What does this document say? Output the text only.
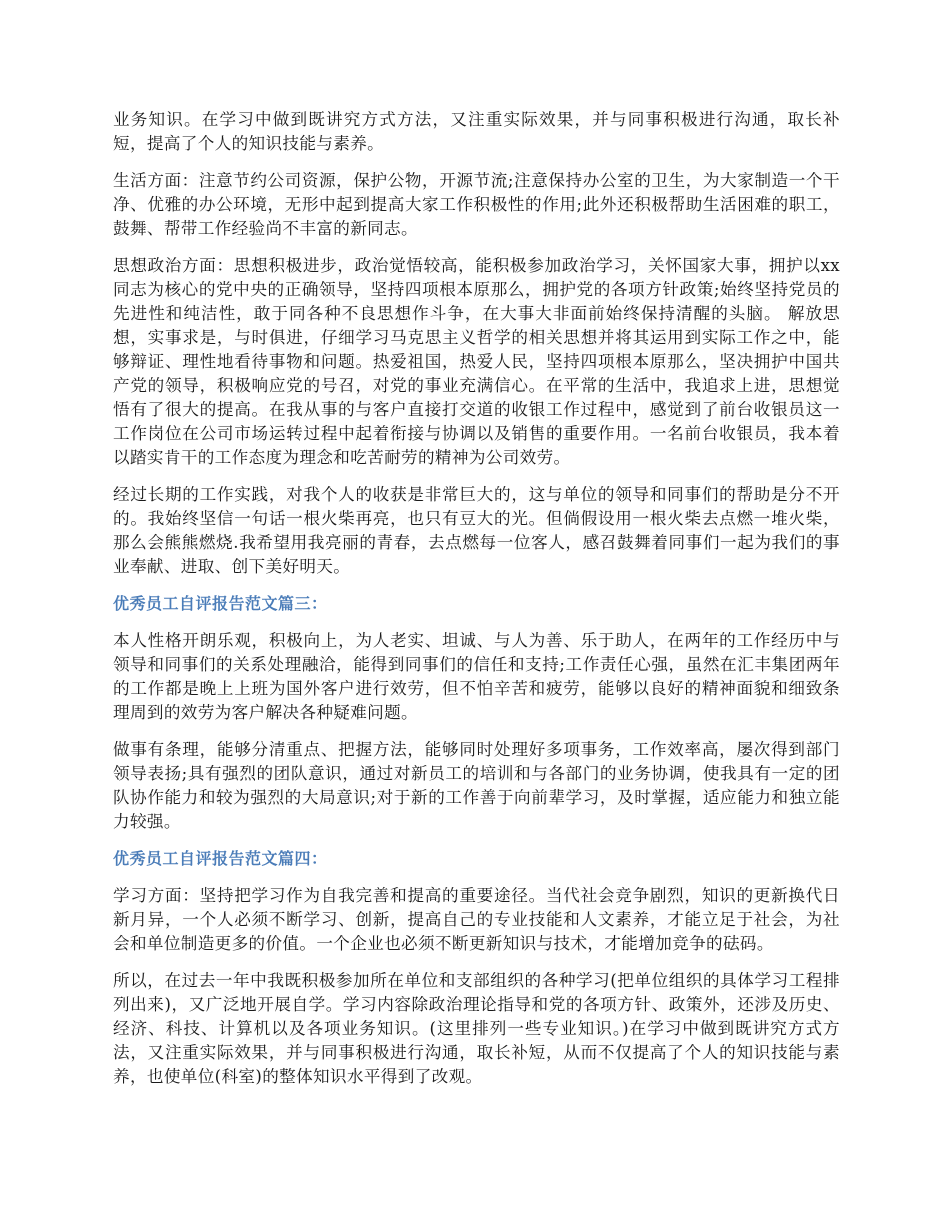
业务知识。在学习中做到既讲究方式方法，又注重实际效果，并与同事积极进行沟通，取长补短，提高了个人的知识技能与素养。

生活方面：注意节约公司资源，保护公物，开源节流;注意保持办公室的卫生，为大家制造一个干净、优雅的办公环境，无形中起到提高大家工作积极性的作用;此外还积极帮助生活困难的职工，鼓舞、帮带工作经验尚不丰富的新同志。

思想政治方面：思想积极进步，政治觉悟较高，能积极参加政治学习，关怀国家大事，拥护以xx同志为核心的党中央的正确领导，坚持四项根本原那么，拥护党的各项方针政策;始终坚持党员的先进性和纯洁性，敢于同各种不良思想作斗争，在大事大非面前始终保持清醒的头脑。 解放思想，实事求是，与时俱进，仔细学习马克思主义哲学的相关思想并将其运用到实际工作之中，能够辩证、理性地看待事物和问题。热爱祖国，热爱人民，坚持四项根本原那么，坚决拥护中国共产党的领导，积极响应党的号召，对党的事业充满信心。在平常的生活中，我追求上进，思想觉悟有了很大的提高。在我从事的与客户直接打交道的收银工作过程中，感觉到了前台收银员这一工作岗位在公司市场运转过程中起着衔接与协调以及销售的重要作用。一名前台收银员，我本着以踏实肯干的工作态度为理念和吃苦耐劳的精神为公司效劳。

经过长期的工作实践，对我个人的收获是非常巨大的，这与单位的领导和同事们的帮助是分不开的。我始终坚信一句话一根火柴再亮，也只有豆大的光。但倘假设用一根火柴去点燃一堆火柴，那么会熊熊燃烧.我希望用我亮丽的青春，去点燃每一位客人，感召鼓舞着同事们一起为我们的事业奉献、进取、创下美好明天。

优秀员工自评报告范文篇三：

本人性格开朗乐观，积极向上，为人老实、坦诚、与人为善、乐于助人，在两年的工作经历中与领导和同事们的关系处理融洽，能得到同事们的信任和支持;工作责任心强，虽然在汇丰集团两年的工作都是晚上上班为国外客户进行效劳，但不怕辛苦和疲劳，能够以良好的精神面貌和细致条理周到的效劳为客户解决各种疑难问题。

做事有条理，能够分清重点、把握方法，能够同时处理好多项事务，工作效率高，屡次得到部门领导表扬;具有强烈的团队意识，通过对新员工的培训和与各部门的业务协调，使我具有一定的团队协作能力和较为强烈的大局意识;对于新的工作善于向前辈学习，及时掌握，适应能力和独立能力较强。

优秀员工自评报告范文篇四：

学习方面：坚持把学习作为自我完善和提高的重要途径。当代社会竞争剧烈，知识的更新换代日新月异，一个人必须不断学习、创新，提高自己的专业技能和人文素养，才能立足于社会，为社会和单位制造更多的价值。一个企业也必须不断更新知识与技术，才能增加竞争的砝码。

所以，在过去一年中我既积极参加所在单位和支部组织的各种学习(把单位组织的具体学习工程排列出来)，又广泛地开展自学。学习内容除政治理论指导和党的各项方针、政策外，还涉及历史、经济、科技、计算机以及各项业务知识。(这里排列一些专业知识。)在学习中做到既讲究方式方法，又注重实际效果，并与同事积极进行沟通，取长补短，从而不仅提高了个人的知识技能与素养，也使单位(科室)的整体知识水平得到了改观。
